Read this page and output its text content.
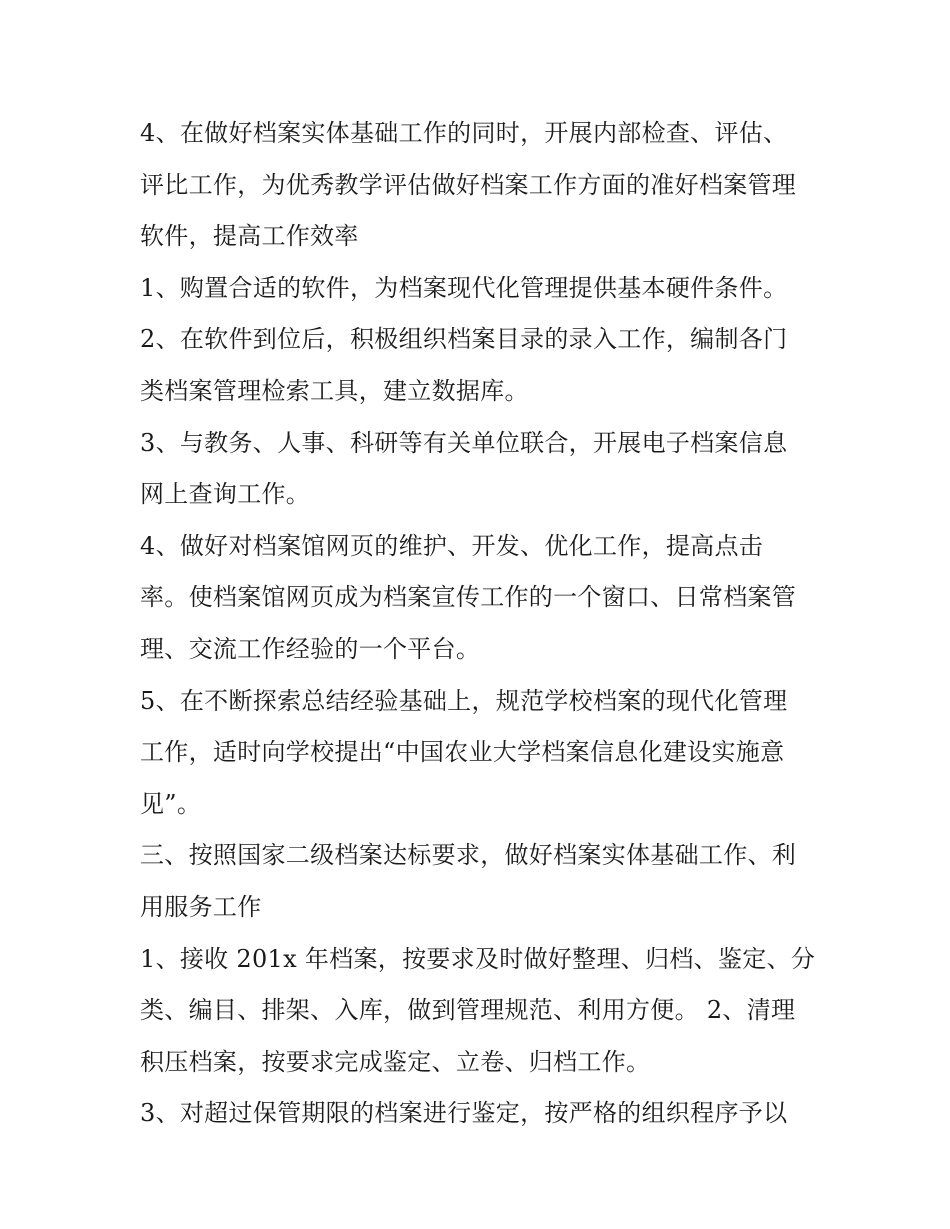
4、在做好档案实体基础工作的同时，开展内部检查、评估、
评比工作，为优秀教学评估做好档案工作方面的准好档案管理
软件，提高工作效率
1、购置合适的软件，为档案现代化管理提供基本硬件条件。
2、在软件到位后，积极组织档案目录的录入工作，编制各门
类档案管理检索工具，建立数据库。
3、与教务、人事、科研等有关单位联合，开展电子档案信息
网上查询工作。
4、做好对档案馆网页的维护、开发、优化工作，提高点击
率。使档案馆网页成为档案宣传工作的一个窗口、日常档案管
理、交流工作经验的一个平台。
5、在不断探索总结经验基础上，规范学校档案的现代化管理
工作，适时向学校提出“中国农业大学档案信息化建设实施意
见”。
三、按照国家二级档案达标要求，做好档案实体基础工作、利
用服务工作
1、接收 201x 年档案，按要求及时做好整理、归档、鉴定、分
类、编目、排架、入库，做到管理规范、利用方便。 2、清理
积压档案，按要求完成鉴定、立卷、归档工作。
3、对超过保管期限的档案进行鉴定，按严格的组织程序予以
